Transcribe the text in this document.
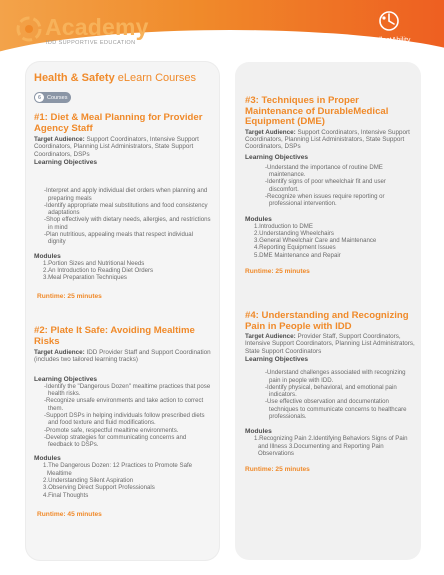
Academy
IDD SUPPORTIVE EDUCATION	IntellectAbility
Health & Safety eLearn Courses
6	Courses
#1: Diet & Meal Planning for Provider Agency Staff
Target Audience: Support Coordinators, Intensive Support Coordinators, Planning List Administrators, State Support Coordinators, DSPs
Learning Objectives
-Interpret and apply individual diet orders when planning and preparing meals
-Identify appropriate meal substitutions and food consistency adaptations
-Shop effectively with dietary needs, allergies, and restrictions in mind
-Plan nutritious, appealing meals that respect individual dignity
Modules
1.Portion Sizes and Nutritional Needs
2.An Introduction to Reading Diet Orders
3.Meal Preparation Techniques
Runtime: 25 minutes
#2: Plate It Safe: Avoiding Mealtime Risks
Target Audience: IDD Provider Staff and Support Coordination (includes two tailored learning tracks)
Learning Objectives
-Identify the "Dangerous Dozen" mealtime practices that pose health risks.
-Recognize unsafe environments and take action to correct them.
-Support DSPs in helping individuals follow prescribed diets and food texture and fluid modifications.
-Promote safe, respectful mealtime environments.
-Develop strategies for communicating concerns and feedback to DSPs.
Modules
1.The Dangerous Dozen: 12 Practices to Promote Safe Mealtime
2.Understanding Silent Aspiration
3.Observing Direct Support Professionals
4.Final Thoughts
Runtime: 45 minutes
#3: Techniques in Proper Maintenance of DurableMedical Equipment (DME)
Target Audience: Support Coordinators, Intensive Support Coordinators, Planning List Administrators, State Support Coordinators, DSPs
Learning Objectives
-Understand the importance of routine DME maintenance.
-Identify signs of poor wheelchair fit and user discomfort.
-Recognize when issues require reporting or professional intervention.
Modules
1.Introduction to DME
2.Understanding Wheelchairs
3.General Wheelchair Care and Maintenance
4.Reporting Equipment Issues
5.DME Maintenance and Repair
Runtime: 25 minutes
#4: Understanding and Recognizing Pain in People with IDD
Target Audience: Provider Staff, Support Coordinators, Intensive Support Coordinators, Planning List Administrators, State Support Coordinators
Learning Objectives
-Understand challenges associated with recognizing pain in people with IDD.
-Identify physical, behavioral, and emotional pain indicators.
-Use effective observation and documentation techniques to communicate concerns to healthcare professionals.
Modules
1.Recognizing Pain 2.Identifying Behaviors Signs of Pain and Illness 3.Documenting and Reporting Pain Observations
Runtime: 25 minutes
